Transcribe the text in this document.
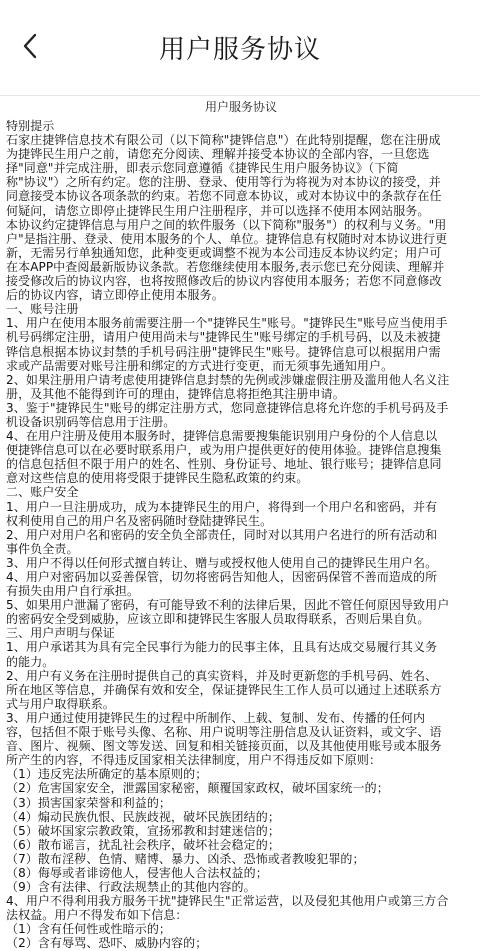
用户服务协议
用户服务协议
特别提示
石家庄捷铧信息技术有限公司（以下简称"捷铧信息"）在此特别提醒，您在注册成
为捷铧民生用户之前，请您充分阅读、理解并接受本协议的全部内容，一旦您选
择"同意"并完成注册，即表示您同意遵循《捷铧民生用户服务协议》（下简
称"协议"）之所有约定。您的注册、登录、使用等行为将视为对本协议的接受，并
同意接受本协议各项条款的约束。若您不同意本协议，或对本协议中的条款存在任
何疑问，请您立即停止捷铧民生用户注册程序，并可以选择不使用本网站服务。
本协议约定捷铧信息与用户之间的软件服务（以下简称"服务"）的权利与义务。"用
户"是指注册、登录、使用本服务的个人、单位。捷铧信息有权随时对本协议进行更
新，无需另行单独通知您，此种变更或调整不视为本公司违反本协议约定；用户可
在本APP中查阅最新版协议条款。若您继续使用本服务,表示您已充分阅读、理解并
接受修改后的协议内容，也将按照修改后的协议内容使用本服务；若您不同意修改
后的协议内容，请立即停止使用本服务。
一、账号注册
1、用户在使用本服务前需要注册一个"捷铧民生"账号。"捷铧民生"账号应当使用手
机号码绑定注册，请用户使用尚未与"捷铧民生"账号绑定的手机号码，以及未被捷
铧信息根据本协议封禁的手机号码注册"捷铧民生"账号。捷铧信息可以根据用户需
求或产品需要对账号注册和绑定的方式进行变更，而无须事先通知用户。
2、如果注册用户请考虑使用捷铧信息封禁的先例或涉嫌虚假注册及滥用他人名义注
册，及其他不能得到许可的理由，捷铧信息将拒绝其注册申请。
3、鉴于"捷铧民生"账号的绑定注册方式，您同意捷铧信息将允许您的手机号码及手
机设备识别码等信息用于注册。
4、在用户注册及使用本服务时，捷铧信息需要搜集能识别用户身份的个人信息以
便捷铧信息可以在必要时联系用户，或为用户提供更好的使用体验。捷铧信息搜集
的信息包括但不限于用户的姓名、性别、身份证号、地址、银行账号；捷铧信息同
意对这些信息的使用将受限于捷铧民生隐私政策的约束。
二、账户安全
1、用户一旦注册成功，成为本捷铧民生的用户，将得到一个用户名和密码，并有
权利使用自己的用户名及密码随时登陆捷铧民生。
2、用户对用户名和密码的安全负全部责任，同时对以其用户名进行的所有活动和
事件负全责。
3、用户不得以任何形式擅自转让、赠与或授权他人使用自己的捷铧民生用户名。
4、用户对密码加以妥善保管，切勿将密码告知他人，因密码保管不善而造成的所
有损失由用户自行承担。
5、如果用户泄漏了密码，有可能导致不利的法律后果，因此不管任何原因导致用户
的密码安全受到威胁，应该立即和捷铧民生客服人员取得联系，否则后果自负。
三、用户声明与保证
1、用户承诺其为具有完全民事行为能力的民事主体，且具有达成交易履行其义务
的能力。
2、用户有义务在注册时提供自己的真实资料，并及时更新您的手机号码、姓名、
所在地区等信息，并确保有效和安全，保证捷铧民生工作人员可以通过上述联系方
式与用户取得联系。
3、用户通过使用捷铧民生的过程中所制作、上载、复制、发布、传播的任何内
容，包括但不限于账号头像、名称、用户说明等注册信息及认证资料，或文字、语
音、图片、视频、图文等发送、回复和相关链接页面，以及其他使用账号或本服务
所产生的内容，不得违反国家相关法律制度，用户不得违反如下原则：
（1）违反宪法所确定的基本原则的；
（2）危害国家安全，泄露国家秘密，颠覆国家政权，破坏国家统一的；
（3）损害国家荣誉和利益的；
（4）煽动民族仇恨、民族歧视，破坏民族团结的；
（5）破坏国家宗教政策，宣扬邪教和封建迷信的；
（6）散布谣言，扰乱社会秩序，破坏社会稳定的；
（7）散布淫秽、色情、赌博、暴力、凶杀、恐怖或者教唆犯罪的；
（8）侮辱或者诽谤他人，侵害他人合法权益的；
（9）含有法律、行政法规禁止的其他内容的。
4、用户不得利用我方服务干扰"捷铧民生"正常运营，以及侵犯其他用户或第三方合
法权益。用户不得发布如下信息：
（1）含有任何性或性暗示的；
（2）含有辱骂、恐吓、威胁内容的；
